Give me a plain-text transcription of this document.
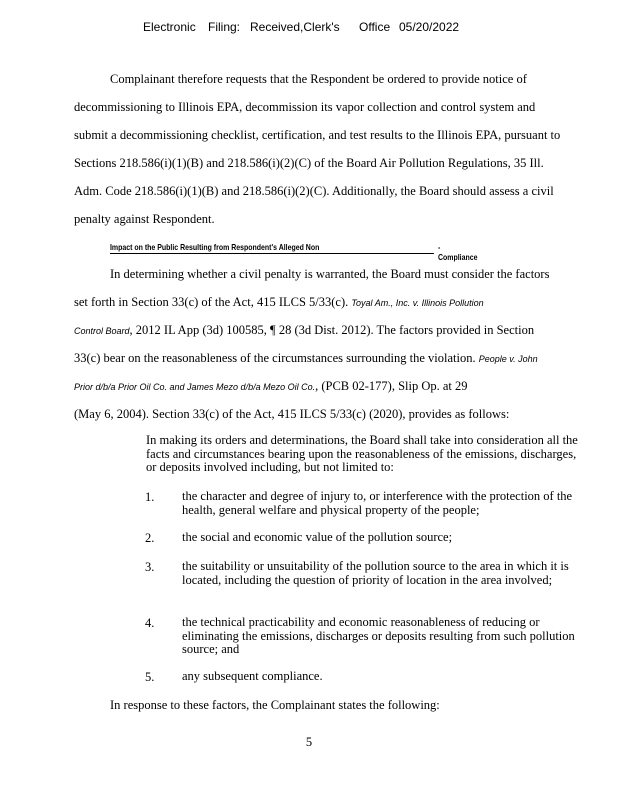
Electronic Filing: Received,Clerk's Office 05/20/2022
Complainant therefore requests that the Respondent be ordered to provide notice of
decommissioning to Illinois EPA, decommission its vapor collection and control system and
submit a decommissioning checklist, certification, and test results to the Illinois EPA, pursuant to
Sections 218.586(i)(1)(B) and 218.586(i)(2)(C) of the Board Air Pollution Regulations, 35 Ill.
Adm. Code 218.586(i)(1)(B) and 218.586(i)(2)(C). Additionally, the Board should assess a civil
penalty against Respondent.
Impact on the Public Resulting from Respondent's Alleged Non	- Compliance
In determining whether a civil penalty is warranted, the Board must consider the factors
set forth in Section 33(c) of the Act, 415 ILCS 5/33(c). Toyal Am., Inc. v. Illinois Pollution
Control Board, 2012 IL App (3d) 100585, ¶ 28 (3d Dist. 2012). The factors provided in Section
33(c) bear on the reasonableness of the circumstances surrounding the violation. People v. John
Prior d/b/a Prior Oil Co. and James Mezo d/b/a Mezo Oil Co., (PCB 02-177), Slip Op. at 29
(May 6, 2004). Section 33(c) of the Act, 415 ILCS 5/33(c) (2020), provides as follows:
In making its orders and determinations, the Board shall take into consideration all the facts and circumstances bearing upon the reasonableness of the emissions, discharges, or deposits involved including, but not limited to:
1. the character and degree of injury to, or interference with the protection of the health, general welfare and physical property of the people;
2. the social and economic value of the pollution source;
3. the suitability or unsuitability of the pollution source to the area in which it is located, including the question of priority of location in the area involved;
4. the technical practicability and economic reasonableness of reducing or eliminating the emissions, discharges or deposits resulting from such pollution source; and
5. any subsequent compliance.
In response to these factors, the Complainant states the following:
5
